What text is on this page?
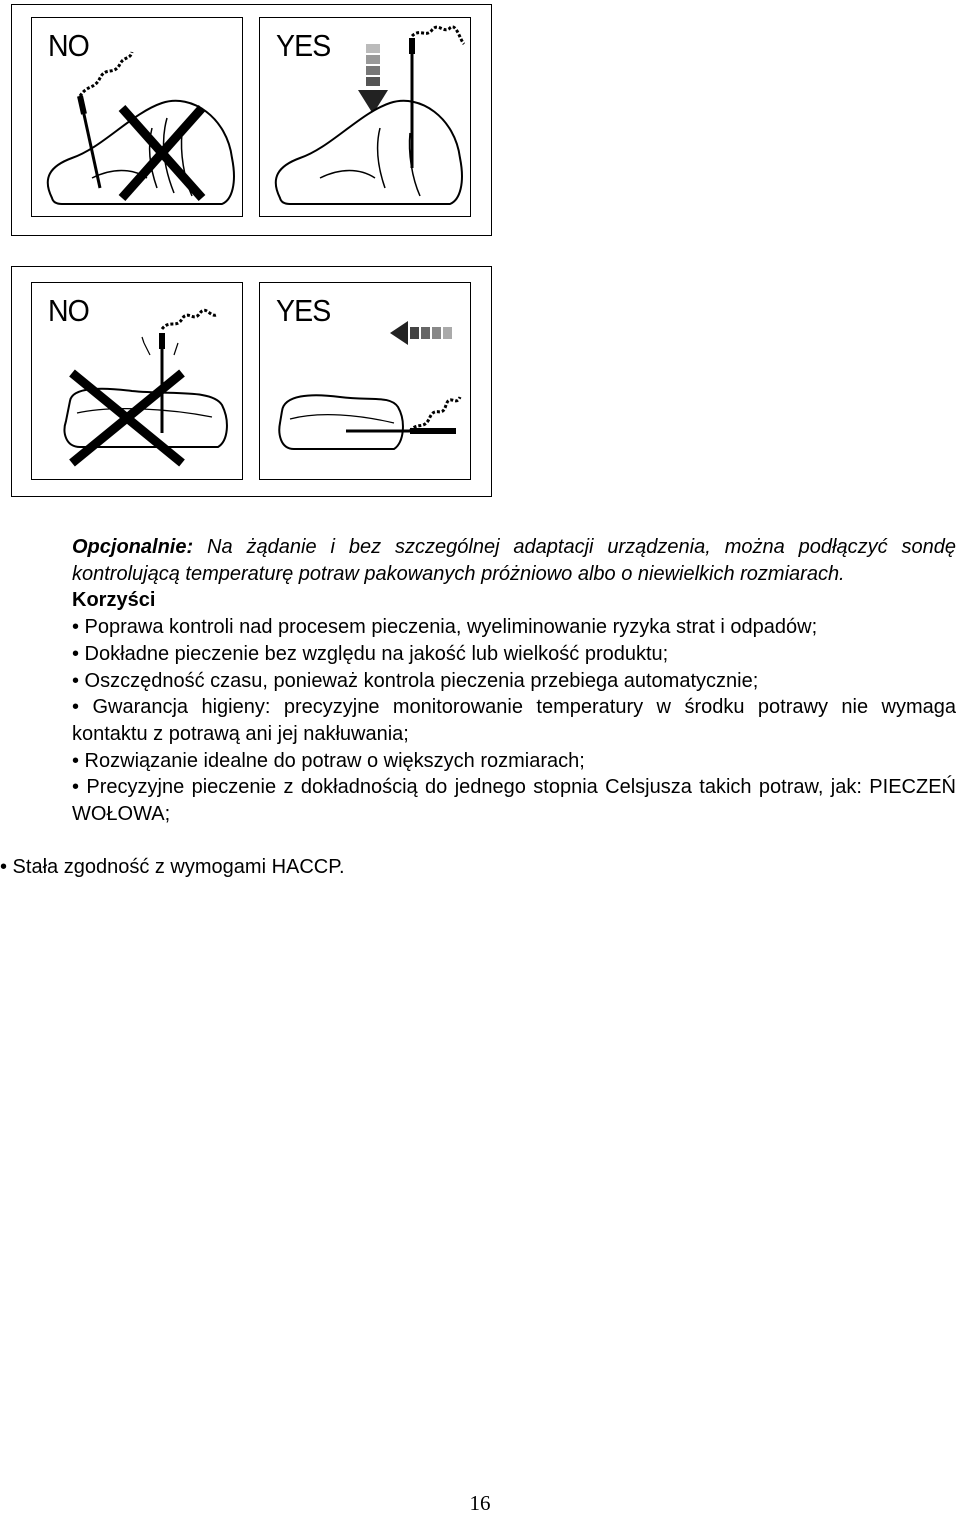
NO	YES
NO	YES

Opcjonalnie: Na żądanie i bez szczególnej adaptacji urządzenia, można podłączyć sondę kontrolującą temperaturę potraw pakowanych próżniowo albo o niewielkich rozmiarach.

Korzyści

• Poprawa kontroli nad procesem pieczenia, wyeliminowanie ryzyka strat i odpadów;

• Dokładne pieczenie bez względu na jakość lub wielkość produktu;

• Oszczędność czasu, ponieważ kontrola pieczenia przebiega automatycznie;

• Gwarancja higieny: precyzyjne monitorowanie temperatury w środku potrawy nie wymaga kontaktu z potrawą ani jej nakłuwania;

• Rozwiązanie idealne do potraw o większych rozmiarach;

• Precyzyjne pieczenie z dokładnością do jednego stopnia Celsjusza takich potraw, jak: PIECZEŃ WOŁOWA;

• Stała zgodność z wymogami HACCP.
16
